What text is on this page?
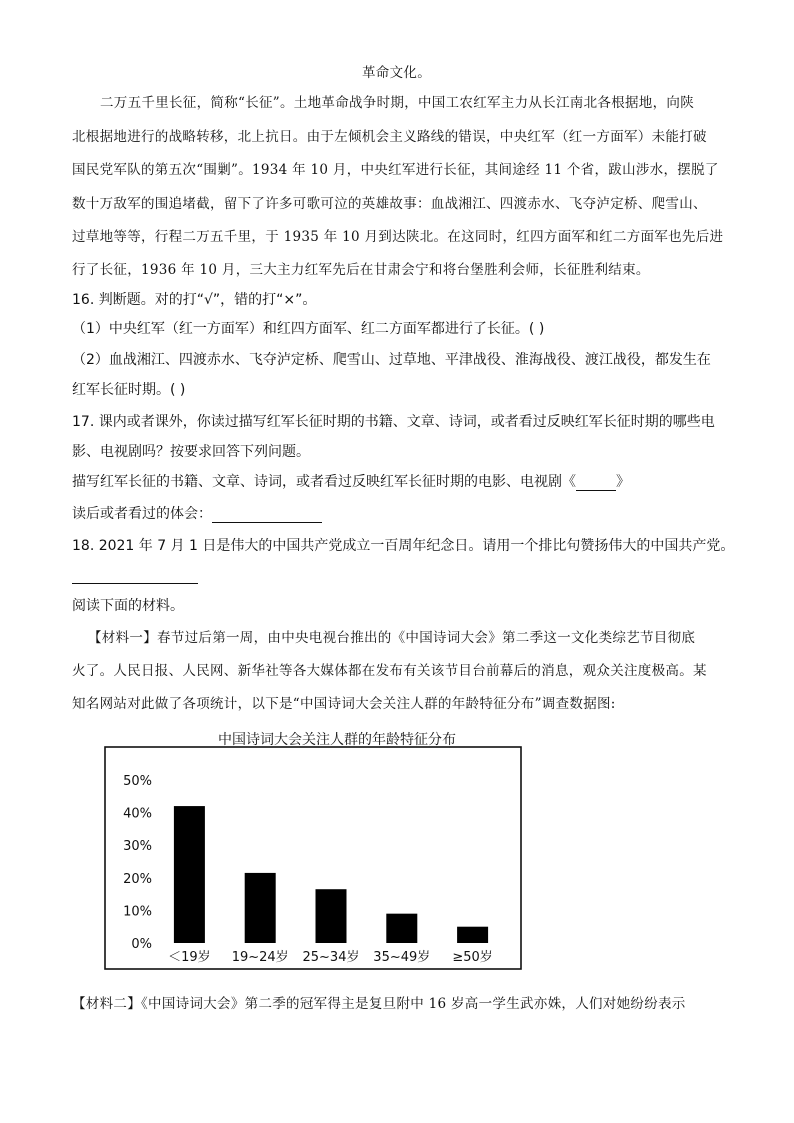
革命文化。
二万五千里长征，简称“长征”。土地革命战争时期，中国工农红军主力从长江南北各根据地，向陕
北根据地进行的战略转移，北上抗日。由于左倾机会主义路线的错误，中央红军（红一方面军）未能打破
国民党军队的第五次“围剿”。1934 年 10 月，中央红军进行长征，其间途经 11 个省，跋山涉水，摆脱了
数十万敌军的围追堵截，留下了许多可歌可泣的英雄故事：血战湘江、四渡赤水、飞夺泸定桥、爬雪山、
过草地等等，行程二万五千里，于 1935 年 10 月到达陕北。在这同时，红四方面军和红二方面军也先后进
行了长征，1936 年 10 月，三大主力红军先后在甘肃会宁和将台堡胜利会师，长征胜利结束。
16. 判断题。对的打“√”，错的打“×”。
（1）中央红军（红一方面军）和红四方面军、红二方面军都进行了长征。( )
（2）血战湘江、四渡赤水、飞夺泸定桥、爬雪山、过草地、平津战役、淮海战役、渡江战役，都发生在
红军长征时期。( )
17. 课内或者课外，你读过描写红军长征时期的书籍、文章、诗词，或者看过反映红军长征时期的哪些电
影、电视剧吗？按要求回答下列问题。
描写红军长征的书籍、文章、诗词，或者看过反映红军长征时期的电影、电视剧《	》
读后或者看过的体会：
18. 2021 年 7 月 1 日是伟大的中国共产党成立一百周年纪念日。请用一个排比句赞扬伟大的中国共产党。
阅读下面的材料。
【材料一】春节过后第一周，由中央电视台推出的《中国诗词大会》第二季这一文化类综艺节目彻底
火了。人民日报、人民网、新华社等各大媒体都在发布有关该节目台前幕后的消息，观众关注度极高。某
知名网站对此做了各项统计，以下是“中国诗词大会关注人群的年龄特征分布”调查数据图:
中国诗词大会关注人群的年龄特征分布
0%
10%
20%
30%
40%
50%
＜19岁 19~24岁 25~34岁 35~49岁 ≥50岁
【材料二】《中国诗词大会》第二季的冠军得主是复旦附中 16 岁高一学生武亦姝，人们对她纷纷表示
